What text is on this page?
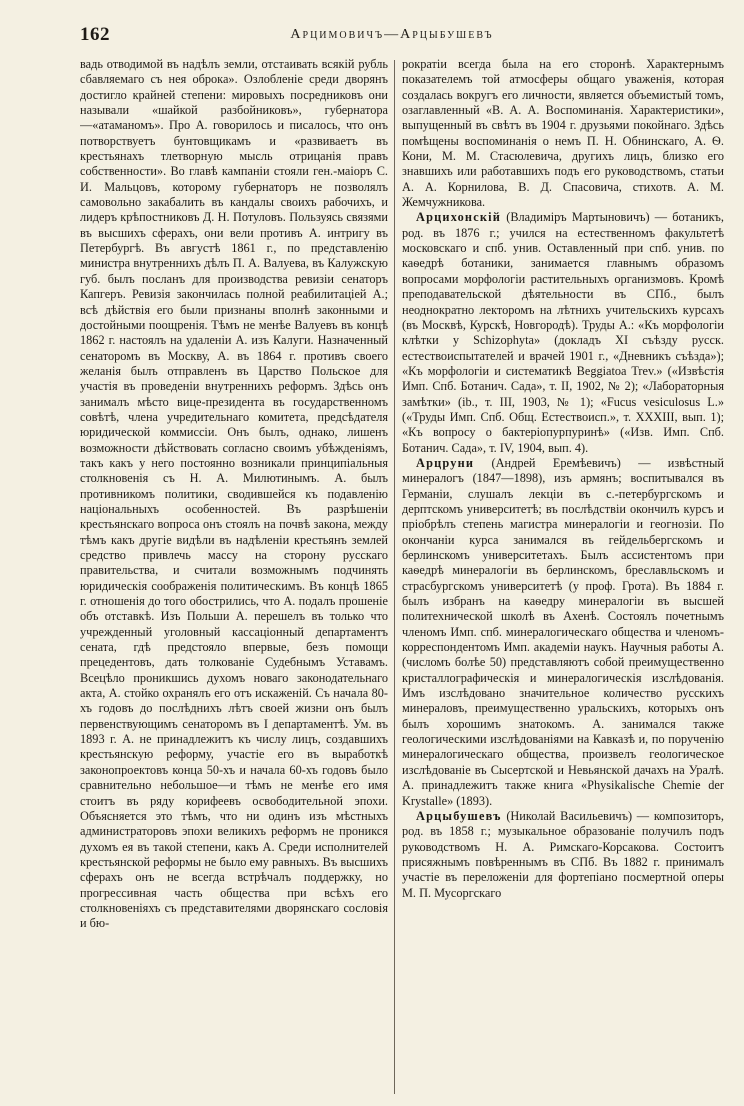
162	Арцимовичъ—Арцыбушевъ

вадь отводимой въ надѣлъ земли, отстаивать всякій рубль сбавляемаго съ нея оброка». Озлобленіе среди дворянъ достигло крайней степени: мировыхъ посредниковъ они называли «шайкой разбойниковъ», губернатора—«атаманомъ». Про А. говорилось и писалось, что онъ потворствуетъ бунтовщикамъ и «развиваетъ въ крестьянахъ тлетворную мысль отрицанія правъ собственности». Во главѣ кампаніи стояли ген.-маіоръ С. И. Мальцовъ, которому губернаторъ не позволялъ самовольно закабалить въ кандалы своихъ рабочихъ, и лидеръ крѣпостниковъ Д. Н. Потуловъ. Пользуясь связями въ высшихъ сферахъ, они вели противъ А. интригу въ Петербургѣ. Въ августѣ 1861 г., по представленію министра внутреннихъ дѣлъ П. А. Валуева, въ Калужскую губ. былъ посланъ для производства ревизіи сенаторъ Капгеръ. Ревизія закончилась полной реабилитаціей А.; всѣ дѣйствія его были признаны вполнѣ законными и достойными поощренія. Тѣмъ не менѣе Валуевъ въ концѣ 1862 г. настоялъ на удаленіи А. изъ Калуги. Назначенный сенаторомъ въ Москву, А. въ 1864 г. противъ своего желанія былъ отправленъ въ Царство Польское для участія въ проведеніи внутреннихъ реформъ. Здѣсь онъ занималъ мѣсто вице-президента въ государственномъ совѣтѣ, члена учредительнаго комитета, предсѣдателя юридической коммиссіи. Онъ былъ, однако, лишенъ возможности дѣйствовать согласно своимъ убѣжденіямъ, такъ какъ у него постоянно возникали принципіальныя столкновенія съ Н. А. Милютинымъ. А. былъ противникомъ политики, сводившейся къ подавленію національныхъ особенностей. Въ разрѣшеніи крестьянскаго вопроса онъ стоялъ на почвѣ закона, между тѣмъ какъ другіе видѣли въ надѣленіи крестьянъ землей средство привлечь массу на сторону русскаго правительства, и считали возможнымъ подчинять юридическія соображенія политическимъ. Въ концѣ 1865 г. отношенія до того обострились, что А. подалъ прошеніе объ отставкѣ. Изъ Польши А. перешелъ въ только что учрежденный уголовный кассаціонный департаментъ сената, гдѣ предстояло впервые, безъ помощи прецедентовъ, дать толкованіе Судебнымъ Уставамъ. Всецѣло проникшись духомъ новаго законодательнаго акта, А. стойко охранялъ его отъ искаженій. Съ начала 80-хъ годовъ до послѣднихъ лѣтъ своей жизни онъ былъ первенствующимъ сенаторомъ въ I департаментѣ. Ум. въ 1893 г. А. не принадлежитъ къ числу лицъ, создавшихъ крестьянскую реформу, участіе его въ выработкѣ законопроектовъ конца 50-хъ и начала 60-хъ годовъ было сравнительно небольшое—и тѣмъ не менѣе его имя стоитъ въ ряду корифеевъ освободительной эпохи. Объясняется это тѣмъ, что ни одинъ изъ мѣстныхъ администраторовъ эпохи великихъ реформъ не проникся духомъ ея въ такой степени, какъ А. Среди исполнителей крестьянской реформы не было ему равныхъ. Въ высшихъ сферахъ онъ не всегда встрѣчалъ поддержку, но прогрессивная часть общества при всѣхъ его столкновеніяхъ съ представителями дворянскаго сословія и бю-

рократіи всегда была на его сторонѣ. Характернымъ показателемъ той атмосферы общаго уваженія, которая создалась вокругъ его личности, является объемистый томъ, озаглавленный «В. А. А. Воспоминанія. Характеристики», выпущенный въ свѣтъ въ 1904 г. друзьями покойнаго. Здѣсь помѣщены воспоминанія о немъ П. Н. Обнинскаго, А. Ѳ. Кони, М. М. Стасюлевича, другихъ лицъ, близко его знавшихъ или работавшихъ подъ его руководствомъ, статьи А. А. Корнилова, В. Д. Спасовича, стихотв. А. М. Жемчужникова.

Арцихонскій (Владиміръ Мартыновичъ) — ботаникъ, род. въ 1876 г.; учился на естественномъ факультетѣ московскаго и спб. унив. Оставленный при спб. унив. по каѳедрѣ ботаники, занимается главнымъ образомъ вопросами морфологіи растительныхъ организмовъ. Кромѣ преподавательской дѣятельности въ СПб., былъ неоднократно лекторомъ на лѣтнихъ учительскихъ курсахъ (въ Москвѣ, Курскѣ, Новгородѣ). Труды А.: «Къ морфологіи клѣтки у Schizophyta» (докладъ XI съѣзду русск. естествоиспытателей и врачей 1901 г., «Дневникъ съѣзда»); «Къ морфологіи и систематикѣ Beggiatoa Trev.» («Извѣстія Имп. Спб. Ботанич. Сада», т. II, 1902, № 2); «Лабораторныя замѣтки» (ib., т. III, 1903, № 1); «Fucus vesiculosus L.» («Труды Имп. Спб. Общ. Естествоисп.», т. XXXIII, вып. 1); «Къ вопросу о бактеріопурпуринѣ» («Изв. Имп. Спб. Ботанич. Сада», т. IV, 1904, вып. 4).

Арцруни (Андрей Еремѣевичъ) — извѣстный минералогъ (1847—1898), изъ армянъ; воспитывался въ Германіи, слушалъ лекціи въ с.-петербургскомъ и дерптскомъ университетѣ; въ послѣдствіи окончилъ курсъ и пріобрѣлъ степень магистра минералогіи и геогнозіи. По окончаніи курса занимался въ гейдельбергскомъ и берлинскомъ университетахъ. Былъ ассистентомъ при каѳедрѣ минералогіи въ берлинскомъ, бреславльскомъ и страсбургскомъ университетѣ (у проф. Грота). Въ 1884 г. былъ избранъ на каѳедру минералогіи въ высшей политехнической школѣ въ Ахенѣ. Состоялъ почетнымъ членомъ Имп. спб. минералогическаго общества и членомъ-корреспондентомъ Имп. академіи наукъ. Научныя работы А. (числомъ болѣе 50) представляютъ собой преимущественно кристаллографическія и минералогическія изслѣдованія. Имъ изслѣдовано значительное количество русскихъ минераловъ, преимущественно уральскихъ, которыхъ онъ былъ хорошимъ знатокомъ. А. занимался также геологическими изслѣдованіями на Кавказѣ и, по порученію минералогическаго общества, произвелъ геологическое изслѣдованіе въ Сысертской и Невьянской дачахъ на Уралѣ. А. принадлежитъ также книга «Physikalische Chemie der Krystalle» (1893).

Арцыбушевъ (Николай Васильевичъ) — композиторъ, род. въ 1858 г.; музыкальное образованіе получилъ подъ руководствомъ Н. А. Римскаго-Корсакова. Состоитъ присяжнымъ повѣреннымъ въ СПб. Въ 1882 г. принималъ участіе въ переложеніи для фортепіано посмертной оперы М. П. Мусоргскаго
